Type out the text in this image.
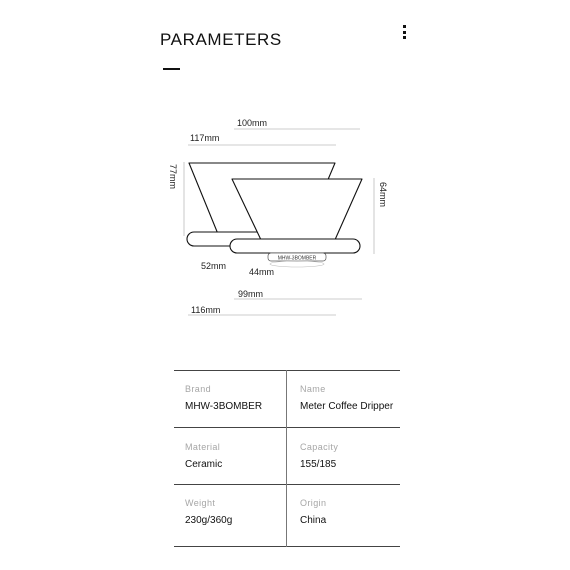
PARAMETERS
100mm
117mm
77mm
64mm
MHW-3BOMBER
52mm
44mm
99mm
116mm
Brand
MHW-3BOMBER
Name
Meter Coffee Dripper
Material
Ceramic
Capacity
155/185
Weight
230g/360g
Origin
China
